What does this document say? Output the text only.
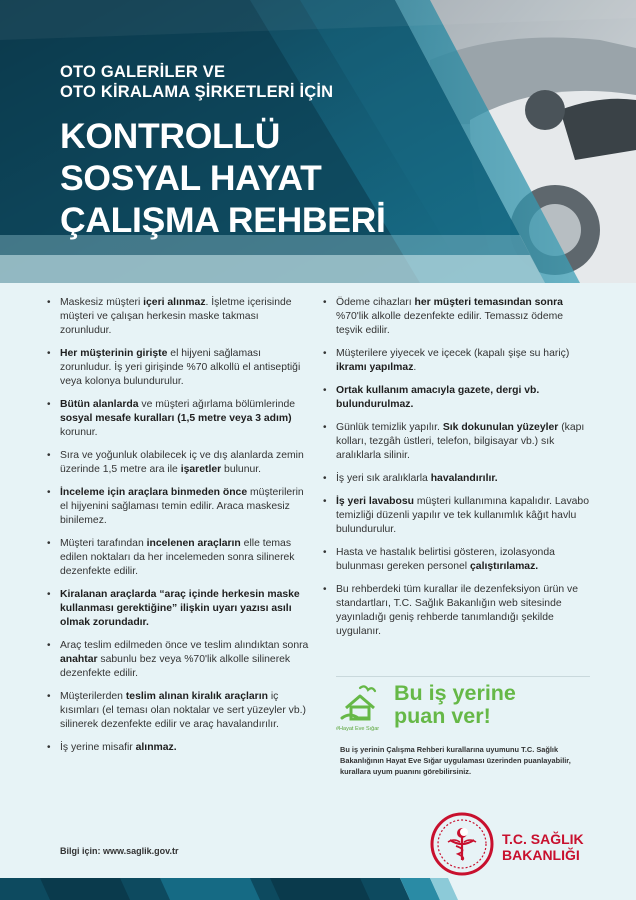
OTO GALERİLER VE
OTO KİRALAMA ŞİRKETLERİ İÇİN
KONTROLLÜ
SOSYAL HAYAT
ÇALIŞMA REHBERİ
• Maskesiz müşteri içeri alınmaz. İşletme içerisinde müşteri ve çalışan herkesin maske takması zorunludur.
• Her müşterinin girişte el hijyeni sağlaması zorunludur. İş yeri girişinde %70 alkollü el antiseptiği veya kolonya bulundurulur.
• Bütün alanlarda ve müşteri ağırlama bölümlerinde sosyal mesafe kuralları (1,5 metre veya 3 adım) korunur.
• Sıra ve yoğunluk olabilecek iç ve dış alanlarda zemin üzerinde 1,5 metre ara ile işaretler bulunur.
• İnceleme için araçlara binmeden önce müşterilerin el hijyenini sağlaması temin edilir. Araca maskesiz binilemez.
• Müşteri tarafından incelenen araçların elle temas edilen noktaları da her incelemeden sonra silinerek dezenfekte edilir.
• Kiralanan araçlarda “araç içinde herkesin maske kullanması gerektiğine” ilişkin uyarı yazısı asılı olmak zorundadır.
• Araç teslim edilmeden önce ve teslim alındıktan sonra anahtar sabunlu bez veya %70'lik alkolle silinerek dezenfekte edilir.
• Müşterilerden teslim alınan kiralık araçların iç kısımları (el teması olan noktalar ve sert yüzeyler vb.) silinerek dezenfekte edilir ve araç havalandırılır.
• İş yerine misafir alınmaz.
• Ödeme cihazları her müşteri temasından sonra %70'lik alkolle dezenfekte edilir. Temassız ödeme teşvik edilir.
• Müşterilere yiyecek ve içecek (kapalı şişe su hariç) ikramı yapılmaz.
• Ortak kullanım amacıyla gazete, dergi vb. bulundurulmaz.
• Günlük temizlik yapılır. Sık dokunulan yüzeyler (kapı kolları, tezgâh üstleri, telefon, bilgisayar vb.) sık aralıklarla silinir.
• İş yeri sık aralıklarla havalandırılır.
• İş yeri lavabosu müşteri kullanımına kapalıdır. Lavabo temizliği düzenli yapılır ve tek kullanımlık kâğıt havlu bulundurulur.
• Hasta ve hastalık belirtisi gösteren, izolasyonda bulunması gereken personel çalıştırılamaz.
• Bu rehberdeki tüm kurallar ile dezenfeksiyon ürün ve standartları, T.C. Sağlık Bakanlığın web sitesinde yayınladığı geniş rehberde tanımlandığı şekilde uygulanır.
#Hayat Eve Sığar
Bu iş yerine
puan ver!
Bu iş yerinin Çalışma Rehberi kurallarına uyumunu T.C. Sağlık Bakanlığının Hayat Eve Sığar uygulaması üzerinden puanlayabilir, kurallara uyum puanını görebilirsiniz.
Bilgi için: www.saglik.gov.tr
T.C. SAĞLIK
BAKANLIĞI
